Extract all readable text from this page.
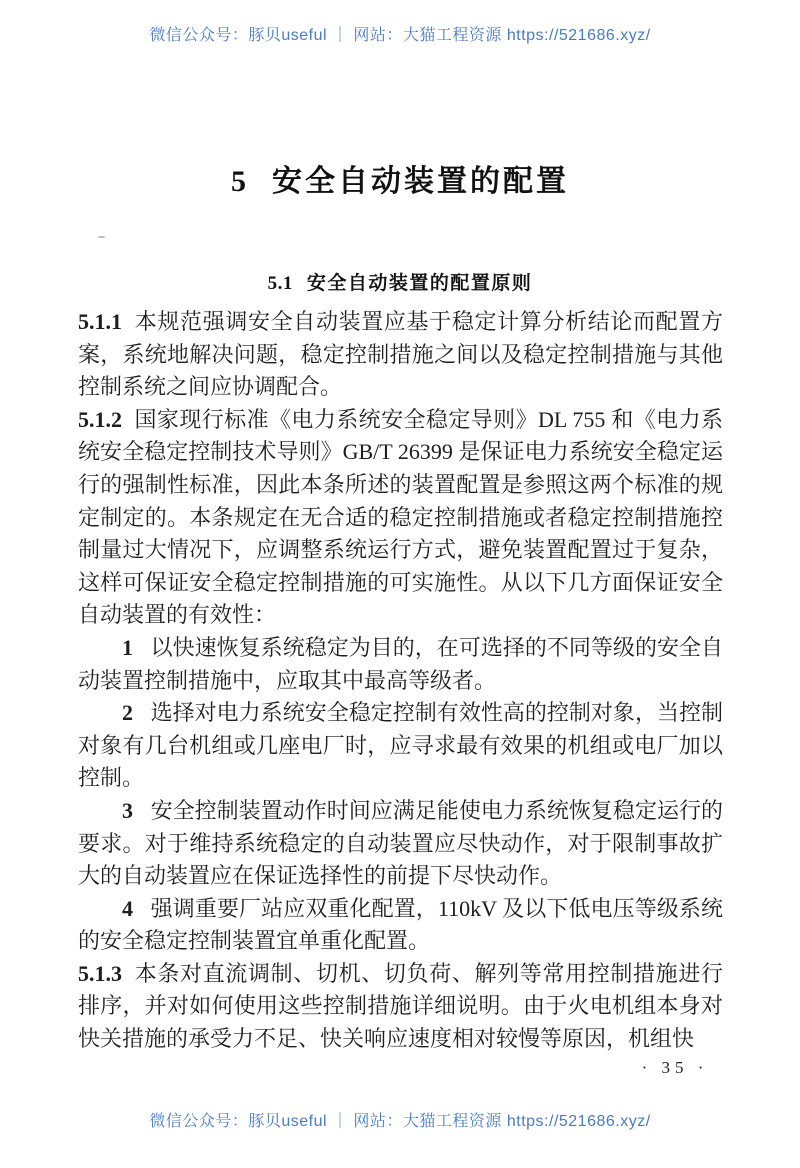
微信公众号：豚贝useful ｜ 网站：大猫工程资源 https://521686.xyz/
5 安全自动装置的配置
5.1 安全自动装置的配置原则

5.1.1 本规范强调安全自动装置应基于稳定计算分析结论而配置方案，系统地解决问题，稳定控制措施之间以及稳定控制措施与其他控制系统之间应协调配合。

5.1.2 国家现行标准《电力系统安全稳定导则》DL 755 和《电力系统安全稳定控制技术导则》GB/T 26399 是保证电力系统安全稳定运行的强制性标准，因此本条所述的装置配置是参照这两个标准的规定制定的。本条规定在无合适的稳定控制措施或者稳定控制措施控制量过大情况下，应调整系统运行方式，避免装置配置过于复杂，这样可保证安全稳定控制措施的可实施性。从以下几方面保证安全自动装置的有效性：

1 以快速恢复系统稳定为目的，在可选择的不同等级的安全自动装置控制措施中，应取其中最高等级者。

2 选择对电力系统安全稳定控制有效性高的控制对象，当控制对象有几台机组或几座电厂时，应寻求最有效果的机组或电厂加以控制。

3 安全控制装置动作时间应满足能使电力系统恢复稳定运行的要求。对于维持系统稳定的自动装置应尽快动作，对于限制事故扩大的自动装置应在保证选择性的前提下尽快动作。

4 强调重要厂站应双重化配置，110kV 及以下低电压等级系统的安全稳定控制装置宜单重化配置。

5.1.3 本条对直流调制、切机、切负荷、解列等常用控制措施进行排序，并对如何使用这些控制措施详细说明。由于火电机组本身对快关措施的承受力不足、快关响应速度相对较慢等原因，机组快

· 35 ·
微信公众号：豚贝useful ｜ 网站：大猫工程资源 https://521686.xyz/
